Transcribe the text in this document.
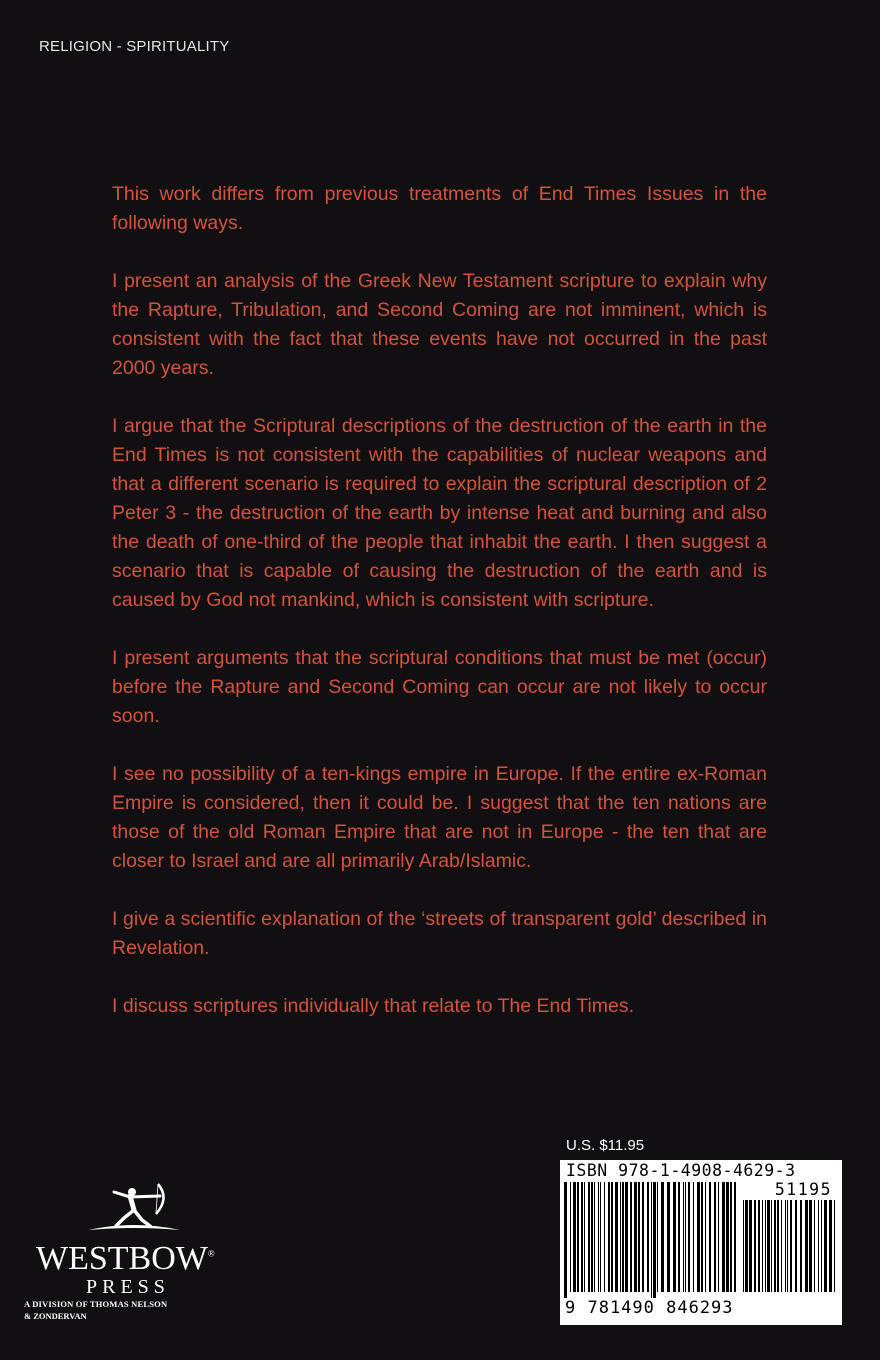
RELIGION - SPIRITUALITY

This work differs from previous treatments of End Times Issues in the following ways.

I present an analysis of the Greek New Testament scripture to explain why the Rapture, Tribulation, and Second Coming are not imminent, which is consistent with the fact that these events have not occurred in the past 2000 years.

I argue that the Scriptural descriptions of the destruction of the earth in the End Times is not consistent with the capabilities of nuclear weapons and that a different scenario is required to explain the scriptural description of 2 Peter 3 - the destruction of the earth by intense heat and burning and also the death of one-third of the people that inhabit the earth. I then suggest a scenario that is capable of causing the destruction of the earth and is caused by God not mankind, which is consistent with scripture.

I present arguments that the scriptural conditions that must be met (occur) before the Rapture and Second Coming can occur are not likely to occur soon.

I see no possibility of a ten-kings empire in Europe. If the entire ex-Roman Empire is considered, then it could be. I suggest that the ten nations are those of the old Roman Empire that are not in Europe - the ten that are closer to Israel and are all primarily Arab/Islamic.

I give a scientific explanation of the ‘streets of transparent gold’ described in Revelation.

I discuss scriptures individually that relate to The End Times.

U.S. $11.95
ISBN 978-1-4908-4629-3
51195
9 781490 846293
WESTBOW®
PRESS
A DIVISION OF THOMAS NELSON
& ZONDERVAN
